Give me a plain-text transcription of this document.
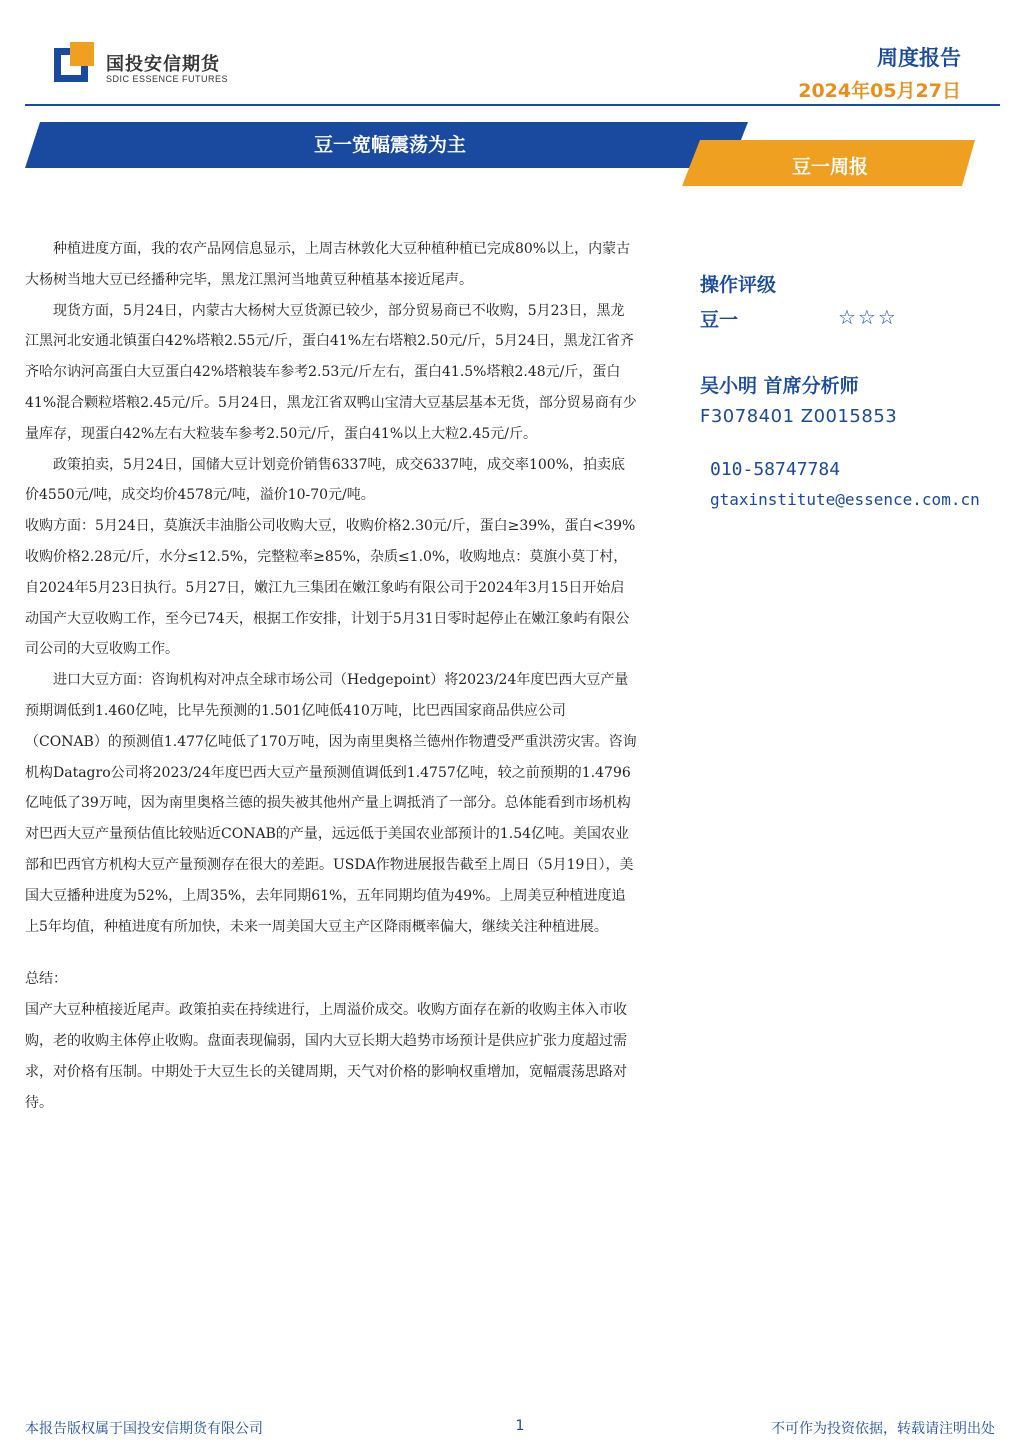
国投安信期货
SDIC ESSENCE FUTURES
周度报告
2024年05月27日
豆一宽幅震荡为主
豆一周报

种植进度方面，我的农产品网信息显示，上周吉林敦化大豆种植种植已完成80%以上，内蒙古大杨树当地大豆已经播种完毕，黑龙江黑河当地黄豆种植基本接近尾声。

现货方面，5月24日，内蒙古大杨树大豆货源已较少，部分贸易商已不收购，5月23日，黑龙江黑河北安通北镇蛋白42%塔粮2.55元/斤，蛋白41%左右塔粮2.50元/斤，5月24日，黑龙江省齐齐哈尔讷河高蛋白大豆蛋白42%塔粮装车参考2.53元/斤左右，蛋白41.5%塔粮2.48元/斤，蛋白41%混合颗粒塔粮2.45元/斤。5月24日，黑龙江省双鸭山宝清大豆基层基本无货，部分贸易商有少量库存，现蛋白42%左右大粒装车参考2.50元/斤，蛋白41%以上大粒2.45元/斤。

政策拍卖，5月24日，国储大豆计划竞价销售6337吨，成交6337吨，成交率100%，拍卖底价4550元/吨，成交均价4578元/吨，溢价10-70元/吨。

收购方面：5月24日，莫旗沃丰油脂公司收购大豆，收购价格2.30元/斤，蛋白≥39%，蛋白<39%收购价格2.28元/斤，水分≤12.5%，完整粒率≥85%，杂质≤1.0%，收购地点：莫旗小莫丁村，自2024年5月23日执行。5月27日，嫩江九三集团在嫩江象屿有限公司于2024年3月15日开始启动国产大豆收购工作，至今已74天，根据工作安排，计划于5月31日零时起停止在嫩江象屿有限公司公司的大豆收购工作。

进口大豆方面：咨询机构对冲点全球市场公司（Hedgepoint）将2023/24年度巴西大豆产量预期调低到1.460亿吨，比早先预测的1.501亿吨低410万吨，比巴西国家商品供应公司（CONAB）的预测值1.477亿吨低了170万吨，因为南里奥格兰德州作物遭受严重洪涝灾害。咨询机构Datagro公司将2023/24年度巴西大豆产量预测值调低到1.4757亿吨，较之前预期的1.4796亿吨低了39万吨，因为南里奥格兰德的损失被其他州产量上调抵消了一部分。总体能看到市场机构对巴西大豆产量预估值比较贴近CONAB的产量，远远低于美国农业部预计的1.54亿吨。美国农业部和巴西官方机构大豆产量预测存在很大的差距。USDA作物进展报告截至上周日（5月19日），美国大豆播种进度为52%，上周35%，去年同期61%，五年同期均值为49%。上周美豆种植进度追上5年均值，种植进度有所加快，未来一周美国大豆主产区降雨概率偏大，继续关注种植进展。

总结：

国产大豆种植接近尾声。政策拍卖在持续进行，上周溢价成交。收购方面存在新的收购主体入市收购，老的收购主体停止收购。盘面表现偏弱，国内大豆长期大趋势市场预计是供应扩张力度超过需求，对价格有压制。中期处于大豆生长的关键周期，天气对价格的影响权重增加，宽幅震荡思路对待。

操作评级
豆一	☆☆☆
吴小明 首席分析师
F3078401 Z0015853
010-58747784
gtaxinstitute@essence.com.cn
本报告版权属于国投安信期货有限公司	1	不可作为投资依据，转载请注明出处
